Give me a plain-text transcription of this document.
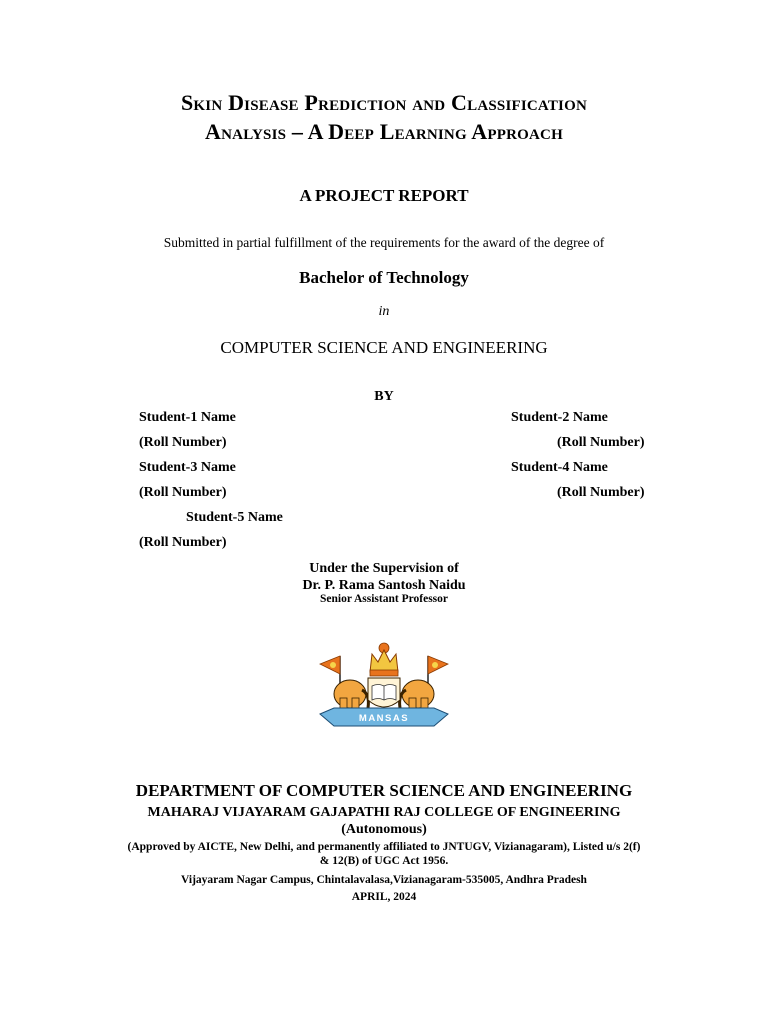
Skin Disease Prediction and Classification
Analysis – A Deep Learning Approach
A PROJECT REPORT
Submitted in partial fulfillment of the requirements for the award of the degree of
Bachelor of Technology
in
COMPUTER SCIENCE AND ENGINEERING
BY
Student-1 Name	Student-2 Name
(Roll Number)	(Roll Number)
Student-3 Name	Student-4 Name
(Roll Number)	(Roll Number)
Student-5 Name
(Roll Number)
Under the Supervision of
Dr. P. Rama Santosh Naidu
Senior Assistant Professor
MANSAS
DEPARTMENT OF COMPUTER SCIENCE AND ENGINEERING
MAHARAJ VIJAYARAM GAJAPATHI RAJ COLLEGE OF ENGINEERING
(Autonomous)
(Approved by AICTE, New Delhi, and permanently affiliated to JNTUGV, Vizianagaram), Listed u/s 2(f)
& 12(B) of UGC Act 1956.
Vijayaram Nagar Campus, Chintalavalasa,Vizianagaram-535005, Andhra Pradesh
APRIL, 2024
